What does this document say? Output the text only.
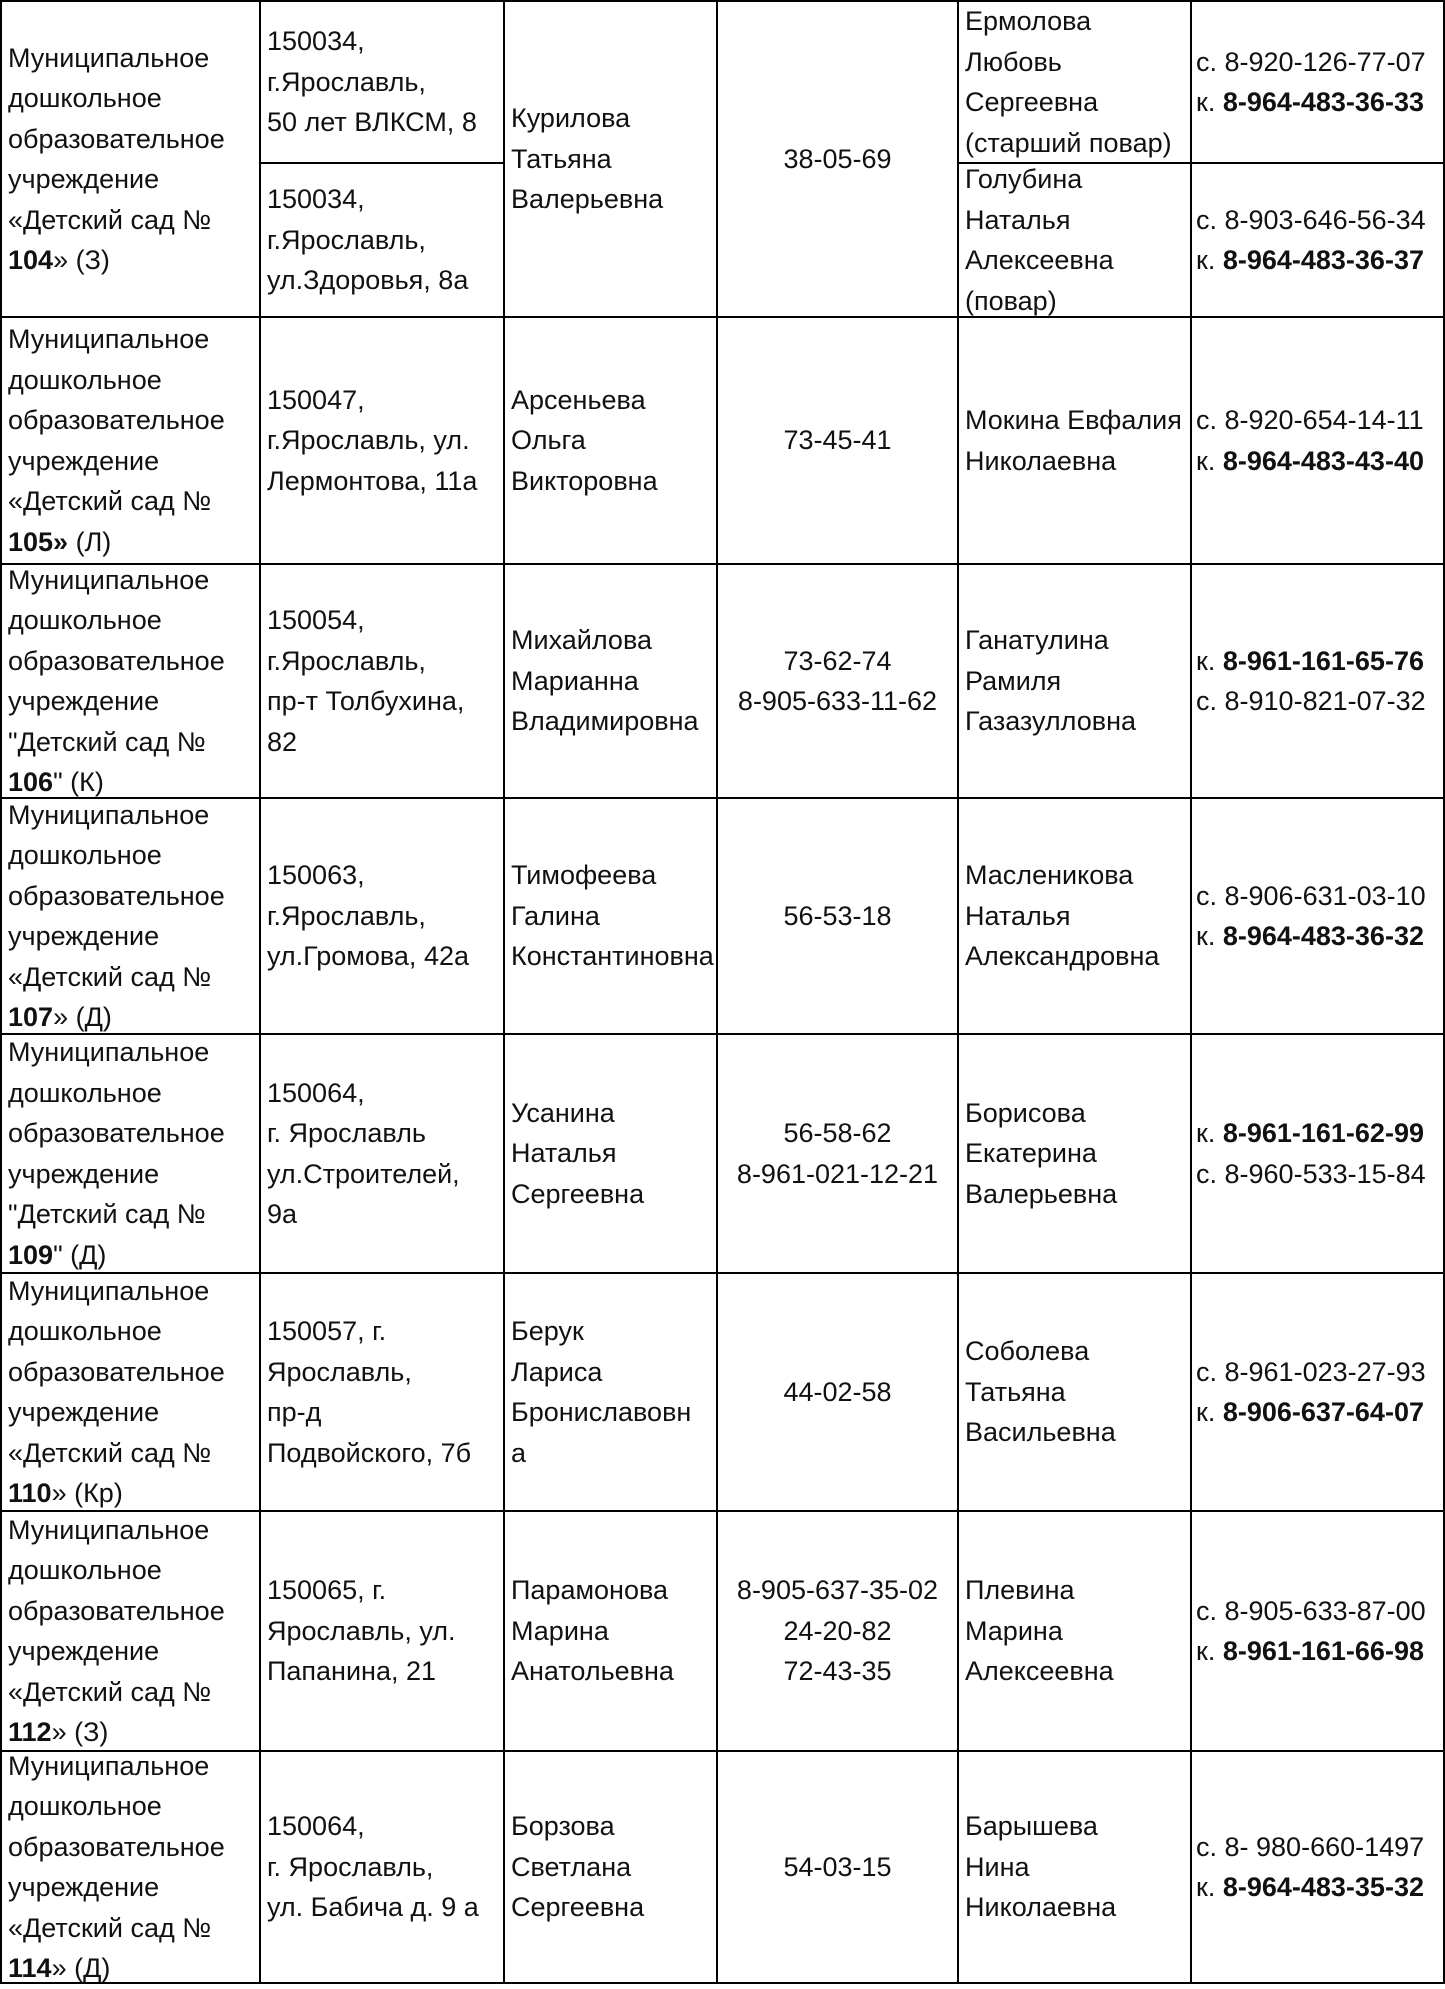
Муниципальное
дошкольное
образовательное
учреждение
«Детский сад №
104» (З)
150034,
г.Ярославль,
50 лет ВЛКСМ, 8
150034,
г.Ярославль,
ул.Здоровья, 8а
Курилова
Татьяна
Валерьевна
38-05-69
Ермолова
Любовь
Сергеевна
(старший повар)
Голубина
Наталья
Алексеевна
(повар)
с. 8-920-126-77-07
к. 8-964-483-36-33
с. 8-903-646-56-34
к. 8-964-483-36-37
Муниципальное
дошкольное
образовательное
учреждение
«Детский сад №
105» (Л)
150047,
г.Ярославль, ул.
Лермонтова, 11а
Арсеньева
Ольга
Викторовна
73-45-41
Мокина Евфалия
Николаевна
с. 8-920-654-14-11
к. 8-964-483-43-40
Муниципальное
дошкольное
образовательное
учреждение
"Детский сад №
106" (К)
150054,
г.Ярославль,
пр-т Толбухина,
82
Михайлова
Марианна
Владимировна
73-62-74
8-905-633-11-62
Ганатулина
Рамиля
Газазулловна
к. 8-961-161-65-76
с. 8-910-821-07-32
Муниципальное
дошкольное
образовательное
учреждение
«Детский сад №
107» (Д)
150063,
г.Ярославль,
ул.Громова, 42а
Тимофеева
Галина
Константиновна
56-53-18
Масленикова
Наталья
Александровна
с. 8-906-631-03-10
к. 8-964-483-36-32
Муниципальное
дошкольное
образовательное
учреждение
"Детский сад №
109" (Д)
150064,
г. Ярославль
ул.Строителей,
9а
Усанина
Наталья
Сергеевна
56-58-62
8-961-021-12-21
Борисова
Екатерина
Валерьевна
к. 8-961-161-62-99
с. 8-960-533-15-84
Муниципальное
дошкольное
образовательное
учреждение
«Детский сад №
110» (Кр)
150057, г.
Ярославль,
пр-д
Подвойского, 7б
Берук
Лариса
Брониславовн
а
44-02-58
Соболева
Татьяна
Васильевна
с. 8-961-023-27-93
к. 8-906-637-64-07
Муниципальное
дошкольное
образовательное
учреждение
«Детский сад №
112» (З)
150065, г.
Ярославль, ул.
Папанина, 21
Парамонова
Марина
Анатольевна
8-905-637-35-02
24-20-82
72-43-35
Плевина
Марина
Алексеевна
с. 8-905-633-87-00
к. 8-961-161-66-98
Муниципальное
дошкольное
образовательное
учреждение
«Детский сад №
114» (Д)
150064,
г. Ярославль,
ул. Бабича д. 9 а
Борзова
Светлана
Сергеевна
54-03-15
Барышева
Нина
Николаевна
с. 8- 980-660-1497
к. 8-964-483-35-32
